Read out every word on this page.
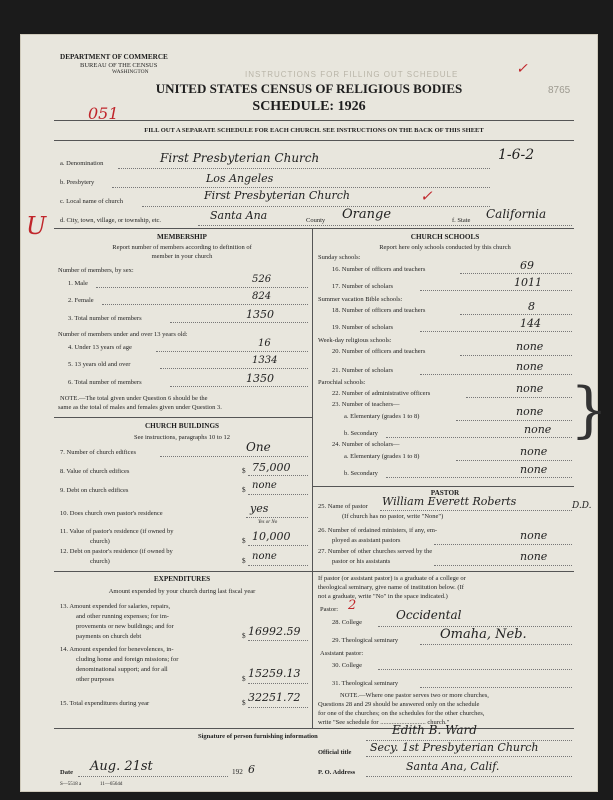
INSTRUCTIONS FOR FILLING OUT SCHEDULE
DEPARTMENT OF COMMERCE
BUREAU OF THE CENSUS
WASHINGTON	✓
UNITED STATES CENSUS OF RELIGIOUS BODIES
SCHEDULE: 1926
051
8765
FILL OUT A SEPARATE SCHEDULE FOR EACH CHURCH. SEE INSTRUCTIONS ON THE BACK OF THIS SHEET
a. Denomination	First Presbyterian Church	1-6-2
b. Presbytery	Los Angeles
c. Local name of church	First Presbyterian Church	✓
d. City, town, village, or township, etc.	Santa Ana	County Orange	f. State California
U	MEMBERSHIP
Report number of members according to definition of
member in your church
Number of members, by sex:
1. Male	526
2. Female	824
3. Total number of members	1350
Number of members under and over 13 years old:
4. Under 13 years of age	16
5. 13 years old and over	1334
6. Total number of members	1350
NOTE.—The total given under Question 6 should be the
same as the total of males and females given under Question 3.
CHURCH BUILDINGS
See instructions, paragraphs 10 to 12
7. Number of church edifices	One
8. Value of church edifices	$ 75,000
9. Debt on church edifices	$ none
10. Does church own pastor's residence	yes
Yes or No
11. Value of pastor's residence (if owned by
church)	$ 10,000
12. Debt on pastor's residence (if owned by
church)	$ none
EXPENDITURES
Amount expended by your church during last fiscal year
13. Amount expended for salaries, repairs,
and other running expenses; for im-
provements or new buildings; and for
payments on church debt	$ 16992.59
14. Amount expended for benevolences, in-
cluding home and foreign missions; for
denominational support; and for all
other purposes	$ 15259.13
15. Total expenditures during year	$ 32251.72
CHURCH SCHOOLS
Report here only schools conducted by this church
Sunday schools:
16. Number of officers and teachers	69
17. Number of scholars	1011
Summer vacation Bible schools:
18. Number of officers and teachers	8
19. Number of scholars	144
Week-day religious schools:
20. Number of officers and teachers	none
21. Number of scholars	none
Parochial schools:
22. Number of administrative officers	none
23. Number of teachers—
a. Elementary (grades 1 to 8)	none
b. Secondary	none
24. Number of scholars—
a. Elementary (grades 1 to 8)	none
b. Secondary	none
}
PASTOR
25. Name of pastor William Everett Roberts	D.D.
(If church has no pastor, write "None")
26. Number of ordained ministers, if any, em-
ployed as assistant pastors	none
27. Number of other churches served by the
pastor or his assistants	none
If pastor (or assistant pastor) is a graduate of a college or
theological seminary, give name of institution below. (If
not a graduate, write "No" in the space indicated.)
Pastor: 2
28. College
Occidental
29. Theological seminary	Omaha, Neb.
Assistant pastor:
30. College
31. Theological seminary
NOTE.—Where one pastor serves two or more churches,
Questions 28 and 29 should be answered only on the schedule
for one of the churches; on the schedules for the other churches,
write "See schedule for ............................ church."
Signature of person furnishing information	Edith B. Ward
Official title Secy. 1st Presbyterian Church
Date Aug. 21st	192 6	P. O. Address	Santa Ana, Calif.
S—5518 a	11—6564d
